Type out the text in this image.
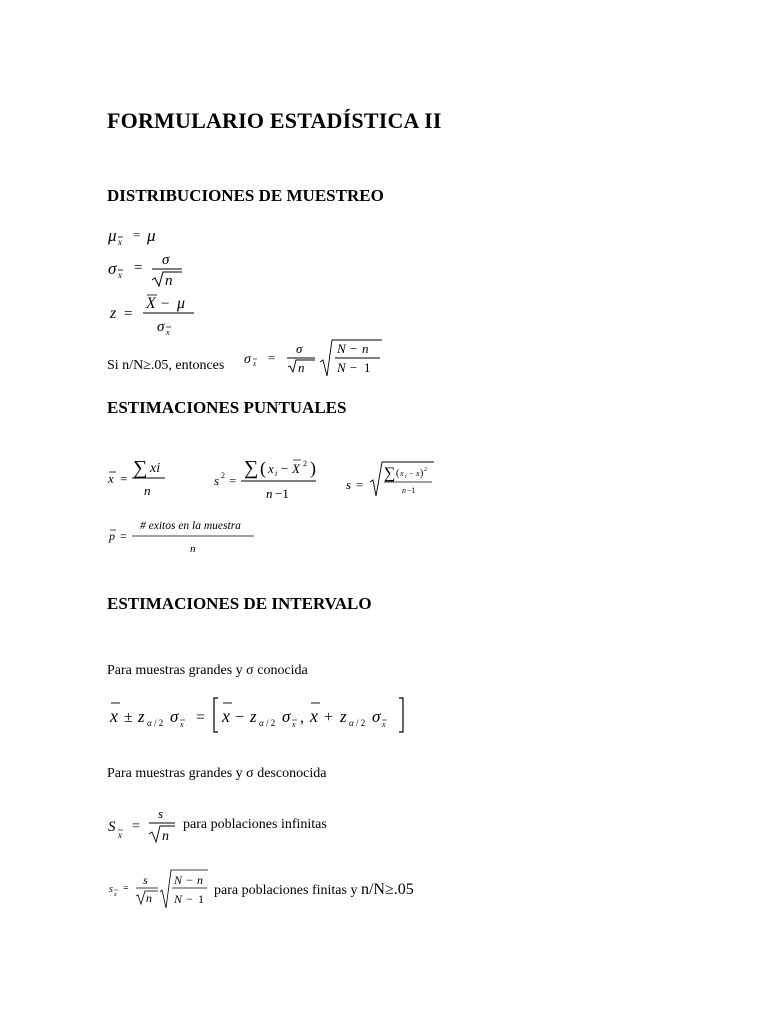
FORMULARIO ESTADÍSTICA II
DISTRIBUCIONES DE MUESTREO
μ x = μ
σ x = σ
n
z =
X − μ
σ x
Si n/N≥.05, entonces σ x =
σ
n
N − n
N − 1
ESTIMACIONES PUNTUALES
x = ∑ xi
n
s 2 =
∑ ( x i − X 2 )
n −1
s =
∑ ( x i − x ) 2
n −1
p =
n
# exitos en la muestra
ESTIMACIONES DE INTERVALO
Para muestras grandes y σ conocida
x ± z α / 2 σ x = x − z α / 2 σ x , x + z α / 2 σ x
Para muestras grandes y σ desconocida
S x
=
s
n
para poblaciones infinitas
s x
=
s
n
N − n
N − 1
para poblaciones finitas y n/N≥.05
